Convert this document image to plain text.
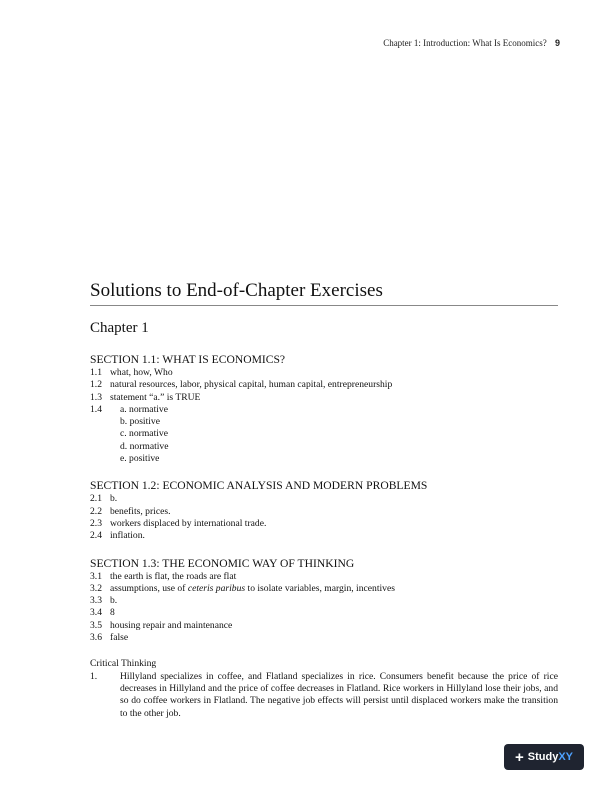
Chapter 1: Introduction: What Is Economics? 9
Solutions to End-of-Chapter Exercises
Chapter 1
SECTION 1.1: WHAT IS ECONOMICS?
1.1 what, how, Who
1.2 natural resources, labor, physical capital, human capital, entrepreneurship
1.3 statement “a.” is TRUE
1.4	a. normative
b. positive
c. normative
d. normative
e. positive
SECTION 1.2: ECONOMIC ANALYSIS AND MODERN PROBLEMS
2.1 b.
2.2 benefits, prices.
2.3 workers displaced by international trade.
2.4 inflation.
SECTION 1.3: THE ECONOMIC WAY OF THINKING
3.1 the earth is flat, the roads are flat
3.2 assumptions, use of ceteris paribus to isolate variables, margin, incentives
3.3 b.
3.4 8
3.5 housing repair and maintenance
3.6 false
Critical Thinking
1.	Hillyland specializes in coffee, and Flatland specializes in rice. Consumers benefit because the price of rice decreases in Hillyland and the price of coffee decreases in Flatland. Rice workers in Hillyland lose their jobs, and so do coffee workers in Flatland. The negative job effects will persist until displaced workers make the transition to the other job.
+ Study XY
